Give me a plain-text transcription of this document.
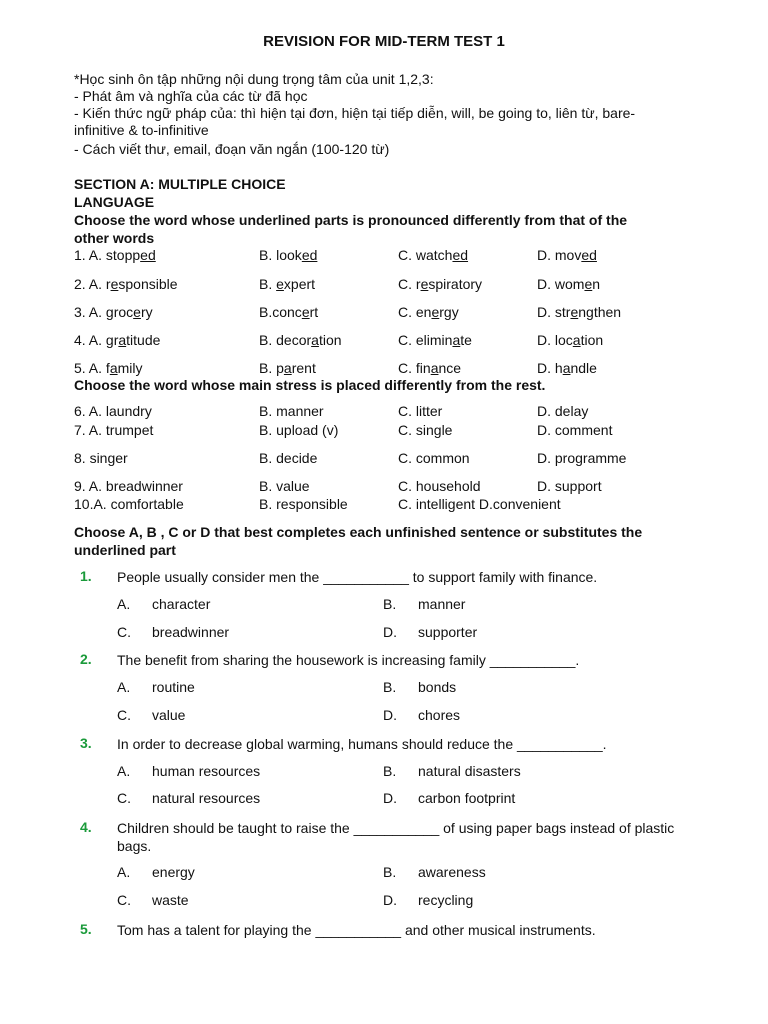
REVISION FOR MID-TERM TEST 1
*Học sinh ôn tập những nội dung trọng tâm của unit 1,2,3:
- Phát âm và nghĩa của các từ đã học
- Kiến thức ngữ pháp của: thì hiện tại đơn, hiện tại tiếp diễn, will, be going to, liên từ, bare-
infinitive & to-infinitive
- Cách viết thư, email, đoạn văn ngắn (100-120 từ)
SECTION A: MULTIPLE CHOICE
LANGUAGE
Choose the word whose underlined parts is pronounced differently from that of the
other words
1. A. stopped	B. looked	C. watched	D. moved
2. A. responsible	B. expert	C. respiratory	D. women
3. A. grocery	B.concert	C. energy	D. strengthen
4. A. gratitude	B. decoration	C. eliminate	D. location
5. A. family	B. parent	C. finance	D. handle
Choose the word whose main stress is placed differently from the rest.
6. A. laundry	B. manner	C. litter	D. delay
7. A. trumpet	B. upload (v)	C. single	D. comment
8. singer	B. decide	C. common	D. programme
9. A. breadwinner	B. value	C. household	D. support
10.A. comfortable	B. responsible	C. intelligent D.convenient
Choose A, B , C or D that best completes each unfinished sentence or substitutes the
underlined part
1. People usually consider men the ___________ to support family with finance.
A. character	B. manner
C. breadwinner	D. supporter
2. The benefit from sharing the housework is increasing family ___________.
A. routine	B. bonds
C. value	D. chores
3. In order to decrease global warming, humans should reduce the ___________.
A. human resources	B. natural disasters
C. natural resources	D. carbon footprint
4. Children should be taught to raise the ___________ of using paper bags instead of plastic bags.
A. energy	B. awareness
C. waste	D. recycling
5. Tom has a talent for playing the ___________ and other musical instruments.
